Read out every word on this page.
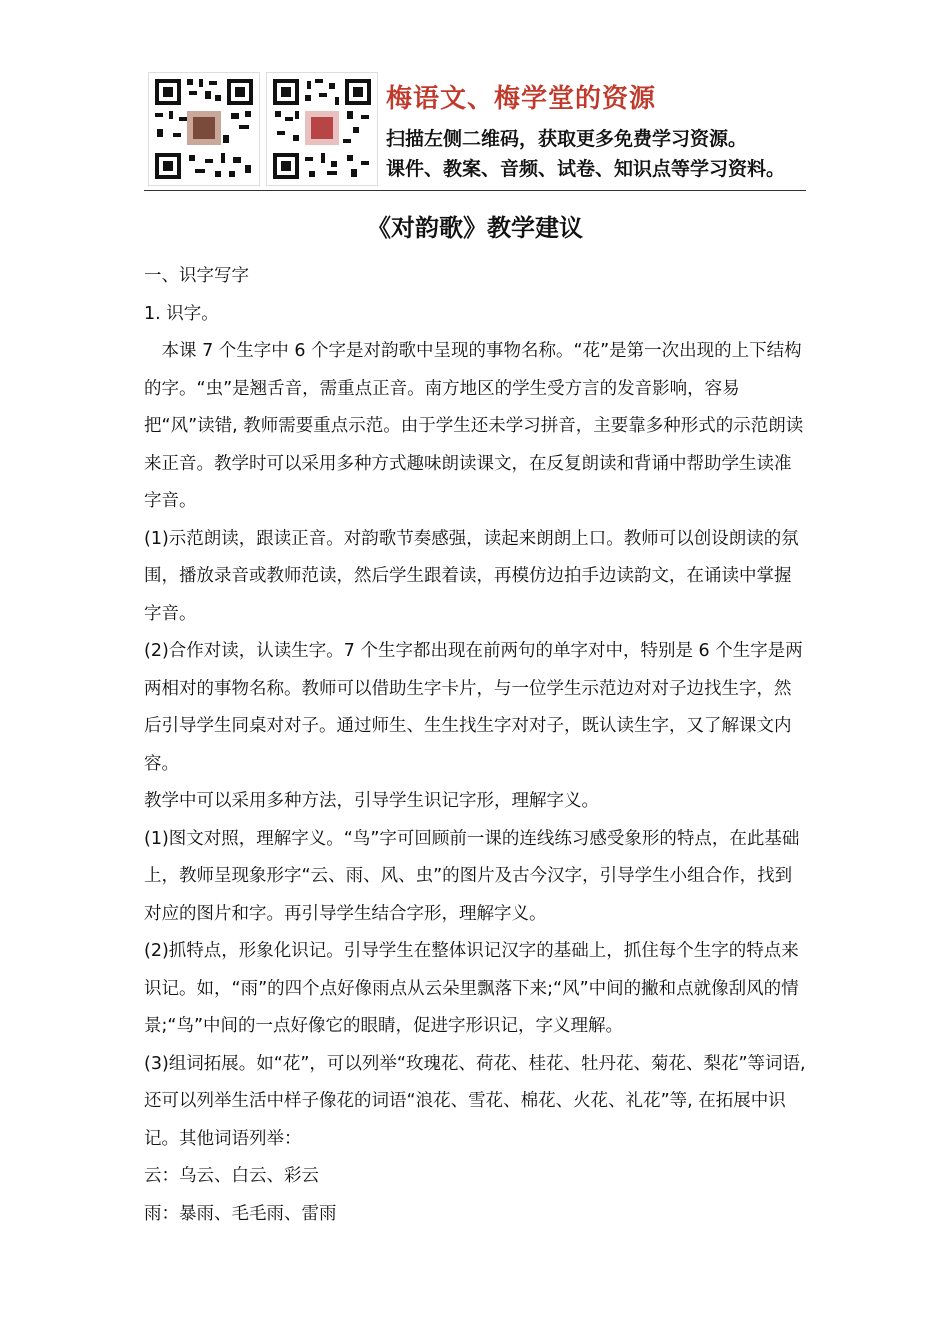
梅语文、梅学堂的资源
扫描左侧二维码，获取更多免费学习资源。
课件、教案、音频、试卷、知识点等学习资料。
《对韵歌》教学建议

一、识字写字

1. 识字。

本课 7 个生字中 6 个字是对韵歌中呈现的事物名称。“花”是第一次出现的上下结构的字。“虫”是翘舌音，需重点正音。南方地区的学生受方言的发音影响，容易把“风”读错, 教师需要重点示范。由于学生还未学习拼音，主要靠多种形式的示范朗读来正音。教学时可以采用多种方式趣味朗读课文，在反复朗读和背诵中帮助学生读准字音。

(1)示范朗读，跟读正音。对韵歌节奏感强，读起来朗朗上口。教师可以创设朗读的氛围，播放录音或教师范读，然后学生跟着读，再模仿边拍手边读韵文，在诵读中掌握字音。

(2)合作对读，认读生字。7 个生字都出现在前两句的单字对中，特别是 6 个生字是两两相对的事物名称。教师可以借助生字卡片，与一位学生示范边对对子边找生字，然后引导学生同桌对对子。通过师生、生生找生字对对子，既认读生字，又了解课文内容。

教学中可以采用多种方法，引导学生识记字形，理解字义。

(1)图文对照，理解字义。“鸟”字可回顾前一课的连线练习感受象形的特点，在此基础上，教师呈现象形字“云、雨、风、虫”的图片及古今汉字，引导学生小组合作，找到对应的图片和字。再引导学生结合字形，理解字义。

(2)抓特点，形象化识记。引导学生在整体识记汉字的基础上，抓住每个生字的特点来识记。如，“雨”的四个点好像雨点从云朵里飘落下来;“风”中间的撇和点就像刮风的情景;“鸟”中间的一点好像它的眼睛，促进字形识记，字义理解。

(3)组词拓展。如“花”，可以列举“玫瑰花、荷花、桂花、牡丹花、菊花、梨花”等词语, 还可以列举生活中样子像花的词语“浪花、雪花、棉花、火花、礼花”等, 在拓展中识记。其他词语列举：

云：乌云、白云、彩云

雨：暴雨、毛毛雨、雷雨
